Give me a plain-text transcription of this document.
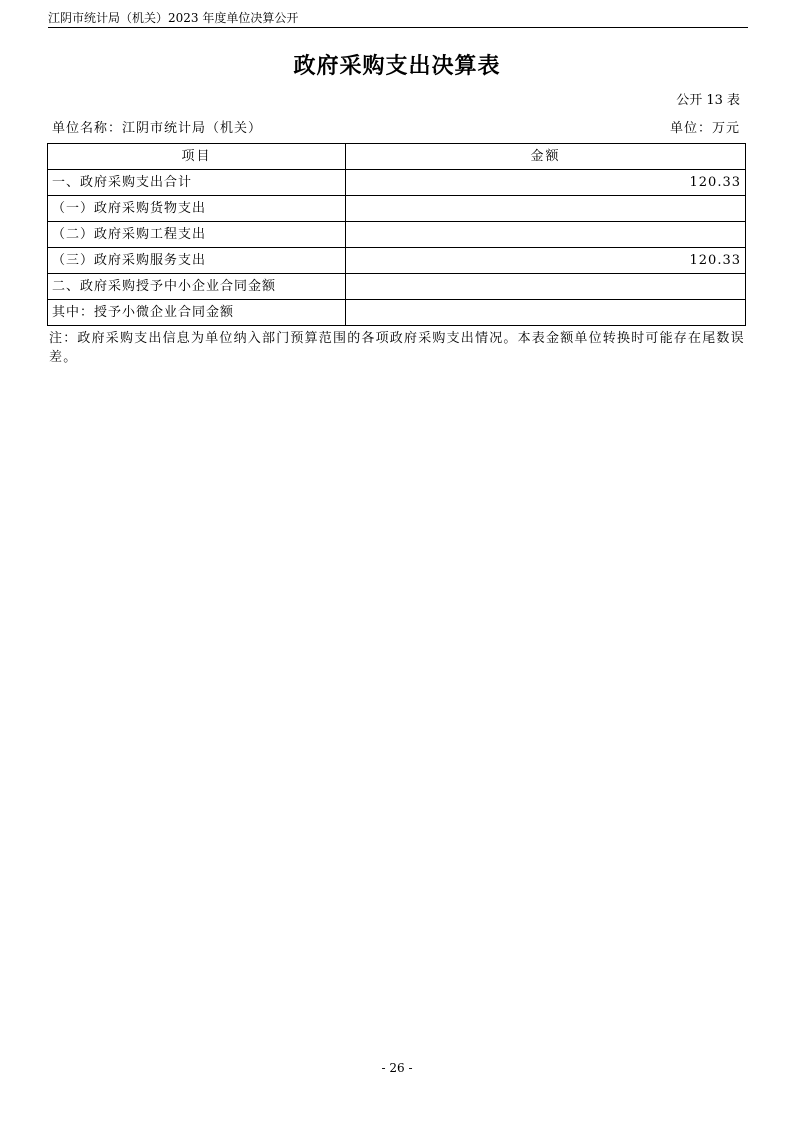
江阴市统计局（机关）2023 年度单位决算公开
政府采购支出决算表
公开 13 表
单位名称：江阴市统计局（机关）	单位：万元
项目	金额
一、政府采购支出合计	120.33
（一）政府采购货物支出	
（二）政府采购工程支出	
（三）政府采购服务支出	120.33
二、政府采购授予中小企业合同金额	
其中：授予小微企业合同金额	
注：政府采购支出信息为单位纳入部门预算范围的各项政府采购支出情况。本表金额单位转换时可能存在尾数误差。
- 26 -
